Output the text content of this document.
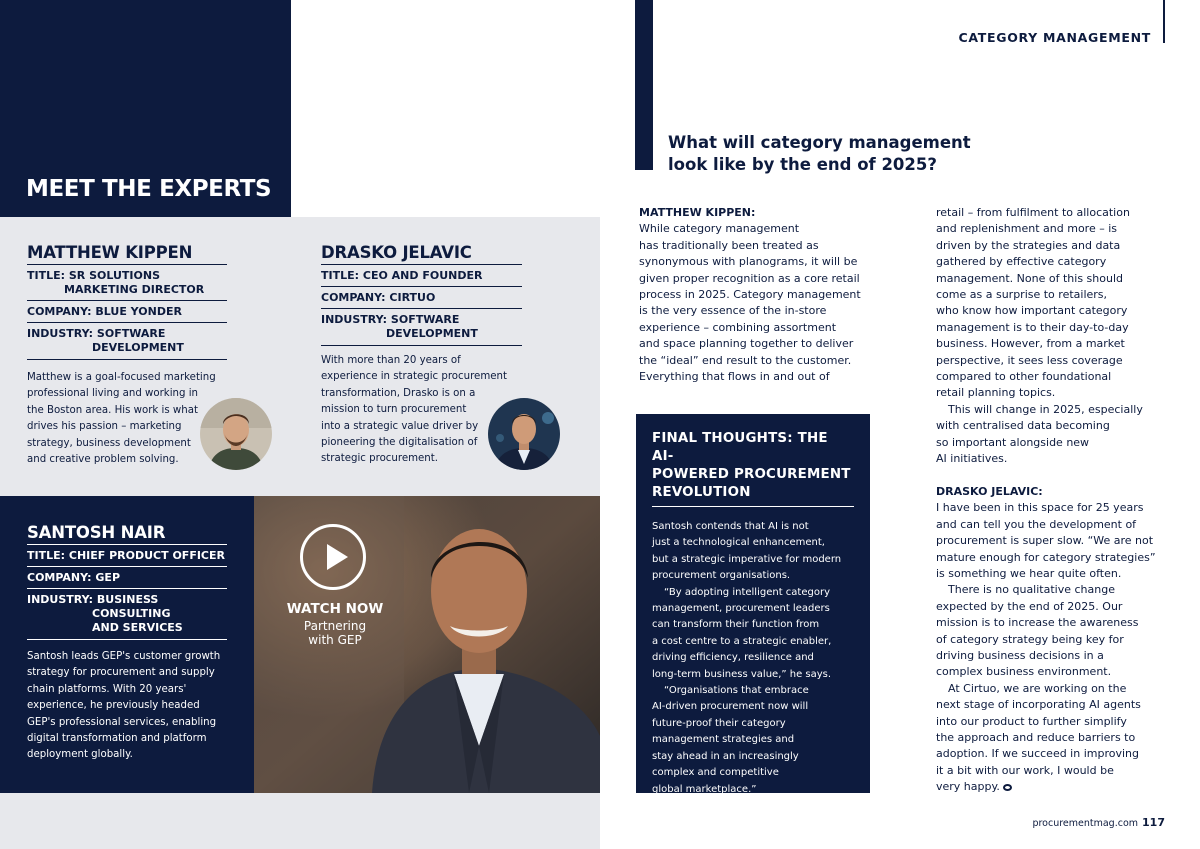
MEET THE EXPERTS
MATTHEW KIPPEN
TITLE: SR SOLUTIONS
MARKETING DIRECTOR
COMPANY: BLUE YONDER
INDUSTRY: SOFTWARE
DEVELOPMENT
Matthew is a goal-focused marketing
professional living and working in
the Boston area. His work is what
drives his passion – marketing
strategy, business development
and creative problem solving.
DRASKO JELAVIC
TITLE: CEO AND FOUNDER
COMPANY: CIRTUO
INDUSTRY: SOFTWARE
DEVELOPMENT
With more than 20 years of
experience in strategic procurement
transformation, Drasko is on a
mission to turn procurement
into a strategic value driver by
pioneering the digitalisation of
strategic procurement.
SANTOSH NAIR
TITLE: CHIEF PRODUCT OFFICER
COMPANY: GEP
INDUSTRY: BUSINESS
CONSULTING
AND SERVICES
Santosh leads GEP's customer growth
strategy for procurement and supply
chain platforms. With 20 years'
experience, he previously headed
GEP's professional services, enabling
digital transformation and platform
deployment globally.
WATCH NOW
Partnering
with GEP
CATEGORY MANAGEMENT
What will category management
look like by the end of 2025?

MATTHEW KIPPEN:

While category management
has traditionally been treated as
synonymous with planograms, it will be
given proper recognition as a core retail
process in 2025. Category management
is the very essence of the in-store
experience – combining assortment
and space planning together to deliver
the “ideal” end result to the customer.
Everything that flows in and out of
FINAL THOUGHTS: THE AI-
POWERED PROCUREMENT
REVOLUTION

Santosh contends that AI is not
just a technological enhancement,
but a strategic imperative for modern
procurement organisations.

“By adopting intelligent category
management, procurement leaders
can transform their function from
a cost centre to a strategic enabler,
driving efficiency, resilience and
long-term business value,” he says.

“Organisations that embrace
AI-driven procurement now will
future-proof their category
management strategies and
stay ahead in an increasingly
complex and competitive
global marketplace.”

retail – from fulfilment to allocation
and replenishment and more – is
driven by the strategies and data
gathered by effective category
management. None of this should
come as a surprise to retailers,
who know how important category
management is to their day-to-day
business. However, from a market
perspective, it sees less coverage
compared to other foundational
retail planning topics.
This will change in 2025, especially
with centralised data becoming
so important alongside new
AI initiatives.

DRASKO JELAVIC:

I have been in this space for 25 years
and can tell you the development of
procurement is super slow. “We are not
mature enough for category strategies”
is something we hear quite often.
There is no qualitative change
expected by the end of 2025. Our
mission is to increase the awareness
of category strategy being key for
driving business decisions in a
complex business environment.
At Cirtuo, we are working on the
next stage of incorporating AI agents
into our product to further simplify
the approach and reduce barriers to
adoption. If we succeed in improving
it a bit with our work, I would be
very happy.
procurementmag.com 117
